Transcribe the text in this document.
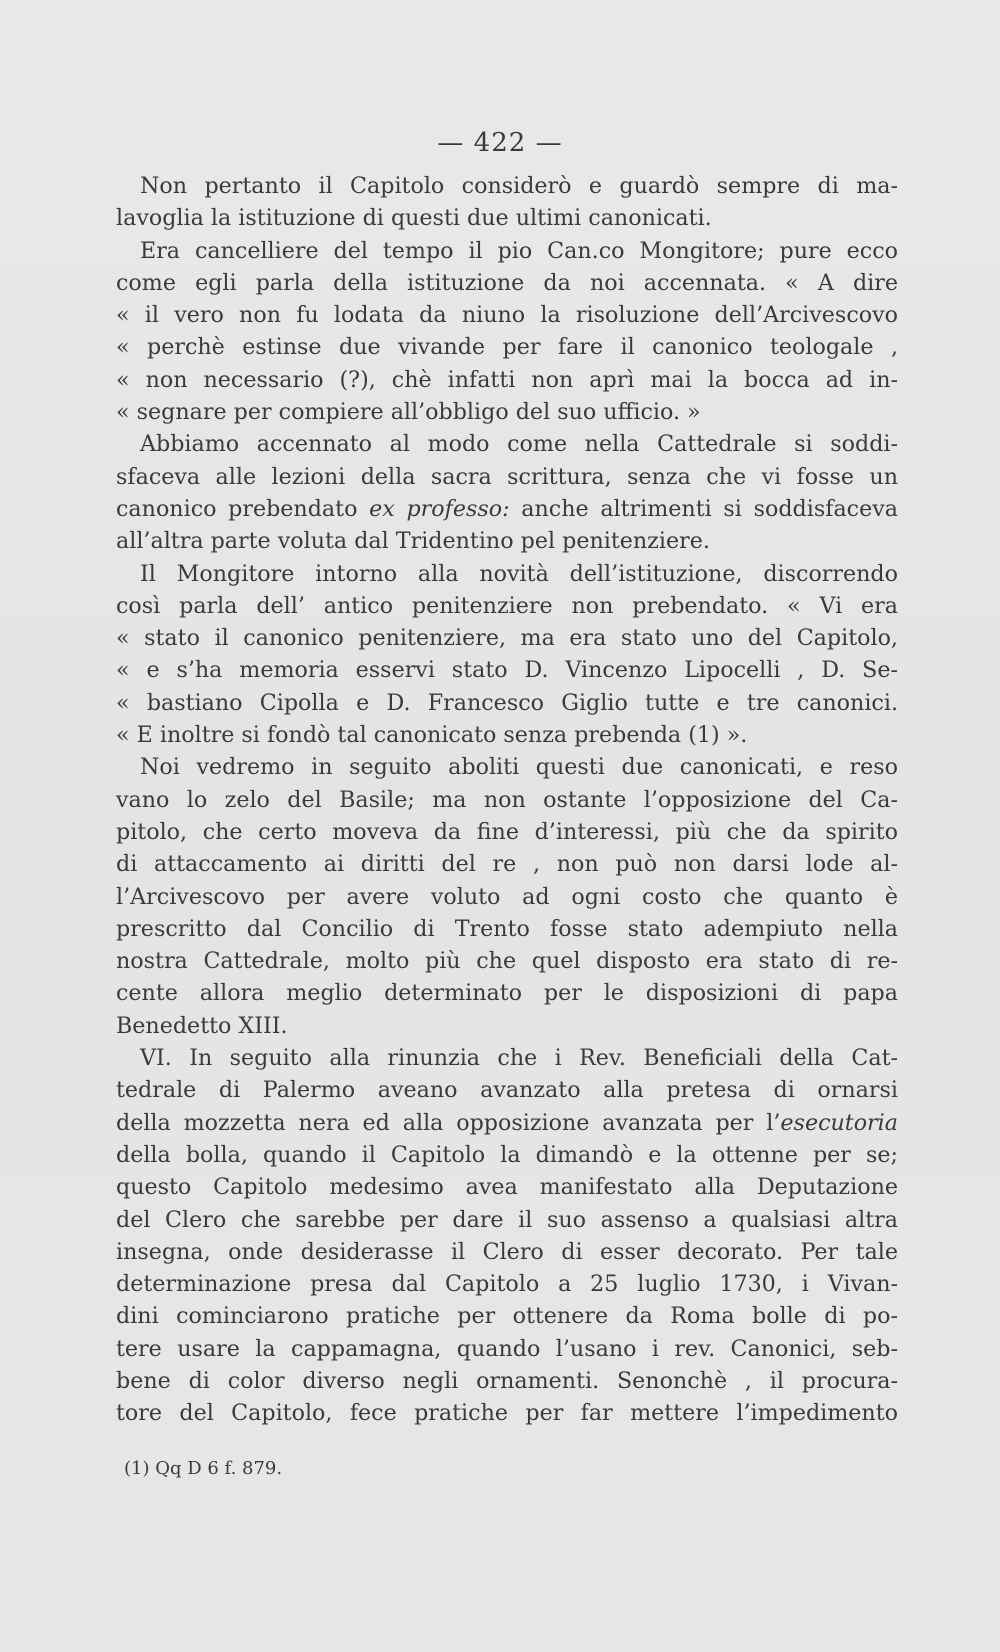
— 422 —
Non pertanto il Capitolo considerò e guardò sempre di ma-
lavoglia la istituzione di questi due ultimi canonicati.
Era cancelliere del tempo il pio Can.co Mongitore; pure ecco
come egli parla della istituzione da noi accennata. « A dire
« il vero non fu lodata da niuno la risoluzione dell’Arcivescovo
« perchè estinse due vivande per fare il canonico teologale ,
« non necessario (?), chè infatti non aprì mai la bocca ad in-
« segnare per compiere all’obbligo del suo ufficio. »
Abbiamo accennato al modo come nella Cattedrale si soddi-
sfaceva alle lezioni della sacra scrittura, senza che vi fosse un
canonico prebendato ex professo: anche altrimenti si soddisfaceva
all’altra parte voluta dal Tridentino pel penitenziere.
Il Mongitore intorno alla novità dell’istituzione, discorrendo
così parla dell’ antico penitenziere non prebendato. « Vi era
« stato il canonico penitenziere, ma era stato uno del Capitolo,
« e s’ha memoria esservi stato D. Vincenzo Lipocelli , D. Se-
« bastiano Cipolla e D. Francesco Giglio tutte e tre canonici.
« E inoltre si fondò tal canonicato senza prebenda (1) ».
Noi vedremo in seguito aboliti questi due canonicati, e reso
vano lo zelo del Basile; ma non ostante l’opposizione del Ca-
pitolo, che certo moveva da fine d’interessi, più che da spirito
di attaccamento ai diritti del re , non può non darsi lode al-
l’Arcivescovo per avere voluto ad ogni costo che quanto è
prescritto dal Concilio di Trento fosse stato adempiuto nella
nostra Cattedrale, molto più che quel disposto era stato di re-
cente allora meglio determinato per le disposizioni di papa
Benedetto XIII.
VI. In seguito alla rinunzia che i Rev. Beneficiali della Cat-
tedrale di Palermo aveano avanzato alla pretesa di ornarsi
della mozzetta nera ed alla opposizione avanzata per l’esecutoria
della bolla, quando il Capitolo la dimandò e la ottenne per se;
questo Capitolo medesimo avea manifestato alla Deputazione
del Clero che sarebbe per dare il suo assenso a qualsiasi altra
insegna, onde desiderasse il Clero di esser decorato. Per tale
determinazione presa dal Capitolo a 25 luglio 1730, i Vivan-
dini cominciarono pratiche per ottenere da Roma bolle di po-
tere usare la cappamagna, quando l’usano i rev. Canonici, seb-
bene di color diverso negli ornamenti. Senonchè , il procura-
tore del Capitolo, fece pratiche per far mettere l’impedimento
(1) Qq D 6 f. 879.
